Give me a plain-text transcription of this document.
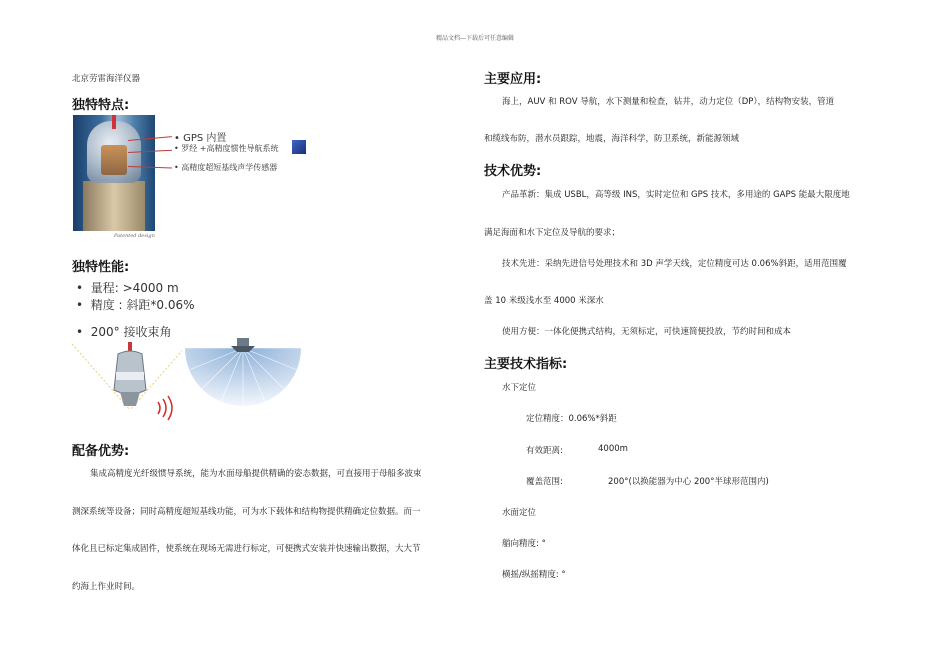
精品文档---下载后可任意编辑
北京劳雷海洋仪器
独特特点:
Patented design
• GPS 内置
• 罗经 +高精度惯性导航系统
• 高精度超短基线声学传感器
独特性能:
•  量程: >4000 m
•  精度 : 斜距*0.06%
•  200° 接收束角
配备优势:
集成高精度光纤级惯导系统，能为水面母船提供精确的姿态数据，可直接用于母船多波束
测深系统等设备；同时高精度超短基线功能，可为水下载体和结构物提供精确定位数据。而一
体化且已标定集成固件，使系统在现场无需进行标定，可便携式安装并快速输出数据，大大节
约海上作业时间。
主要应用:
海上，AUV 和 ROV 导航，水下测量和检查，钻井，动力定位（DP），结构物安装，管道
和缆线布防，潜水员跟踪，地震，海洋科学，防卫系统，新能源领域
技术优势:
产品革新：集成 USBL，高等级 INS，实时定位和 GPS 技术，多用途的 GAPS 能最大限度地
满足海面和水下定位及导航的要求；
技术先进：采纳先进信号处理技术和 3D 声学天线，定位精度可达 0.06%斜距，适用范围覆
盖 10 米级浅水至 4000 米深水
使用方便：一体化便携式结构，无须标定，可快速简便投放，节约时间和成本
主要技术指标:
水下定位
定位精度：0.06%*斜距
有效距离:	4000m
覆盖范围:	200°(以换能器为中心 200°半球形范围内)
水面定位
艏向精度: °
横摇/纵摇精度: °
